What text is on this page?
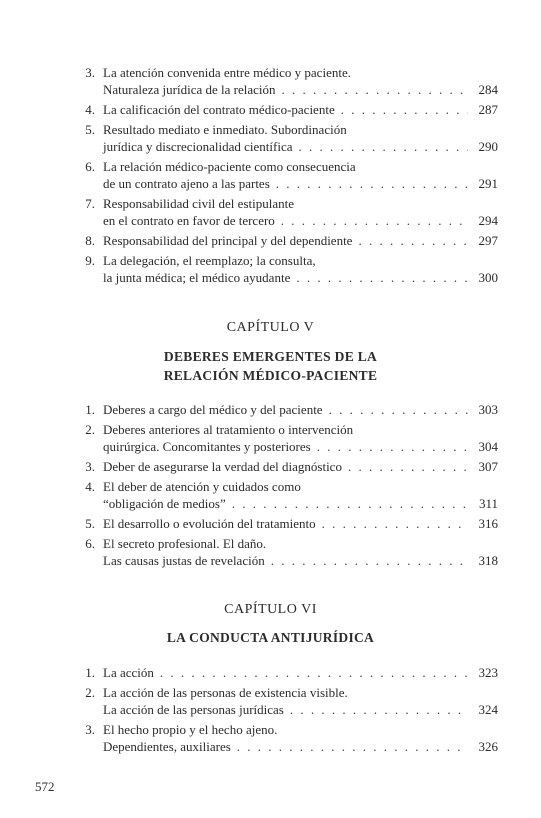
3. La atención convenida entre médico y paciente.
Naturaleza jurídica de la relación . . .	284
4. La calificación del contrato médico-paciente . . .	287
5. Resultado mediato e inmediato. Subordinación
jurídica y discrecionalidad científica . . .	290
6. La relación médico-paciente como consecuencia
de un contrato ajeno a las partes . . .	291
7. Responsabilidad civil del estipulante
en el contrato en favor de tercero . . .	294
8. Responsabilidad del principal y del dependiente . . .	297
9. La delegación, el reemplazo; la consulta,
la junta médica; el médico ayudante . . .	300
CAPÍTULO V
DEBERES EMERGENTES DE LA
RELACIÓN MÉDICO-PACIENTE
1. Deberes a cargo del médico y del paciente . . .	303
2. Deberes anteriores al tratamiento o intervención
quirúrgica. Concomitantes y posteriores . . .	304
3. Deber de asegurarse la verdad del diagnóstico . . .	307
4. El deber de atención y cuidados como
“obligación de medios” . . .	311
5. El desarrollo o evolución del tratamiento . . .	316
6. El secreto profesional. El daño.
Las causas justas de revelación . . .	318
CAPÍTULO VI
LA CONDUCTA ANTIJURÍDICA
1. La acción . . .	323
2. La acción de las personas de existencia visible.
La acción de las personas jurídicas . . .	324
3. El hecho propio y el hecho ajeno.
Dependientes, auxiliares . . .	326
572
